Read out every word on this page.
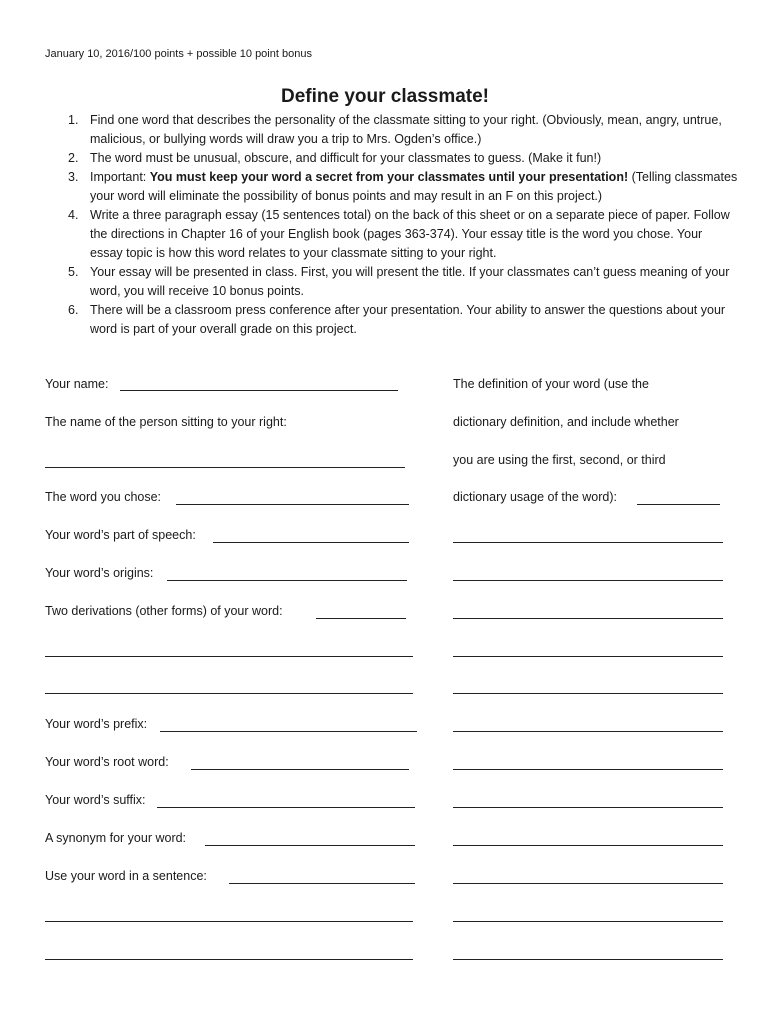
January 10, 2016/100 points + possible 10 point bonus
Define your classmate!
1. Find one word that describes the personality of the classmate sitting to your right. (Obviously, mean, angry, untrue, malicious, or bullying words will draw you a trip to Mrs. Ogden’s office.)
2. The word must be unusual, obscure, and difficult for your classmates to guess. (Make it fun!)
3. Important: You must keep your word a secret from your classmates until your presentation! (Telling classmates your word will eliminate the possibility of bonus points and may result in an F on this project.)
4. Write a three paragraph essay (15 sentences total) on the back of this sheet or on a separate piece of paper. Follow the directions in Chapter 16 of your English book (pages 363-374). Your essay title is the word you chose. Your essay topic is how this word relates to your classmate sitting to your right.
5. Your essay will be presented in class. First, you will present the title. If your classmates can’t guess meaning of your word, you will receive 10 bonus points.
6. There will be a classroom press conference after your presentation. Your ability to answer the questions about your word is part of your overall grade on this project.
Your name:
The name of the person sitting to your right:
The word you chose:
Your word’s part of speech:
Your word’s origins:
Two derivations (other forms) of your word:
Your word’s prefix:
Your word’s root word:
Your word’s suffix:
A synonym for your word:
Use your word in a sentence:
The definition of your word (use the
dictionary definition, and include whether
you are using the first, second, or third
dictionary usage of the word):
